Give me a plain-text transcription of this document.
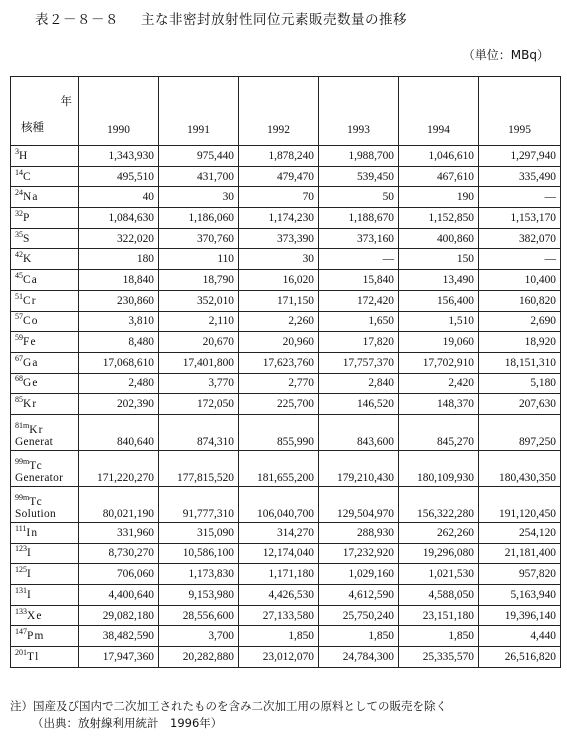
表２－８－８ 主な非密封放射性同位元素販売数量の推移
（単位：MBq）
年
核種	1990	1991	1992	1993	1994	1995
$^3$H	1,343,930	975,440	1,878,240	1,988,700	1,046,610	1,297,940
$^{14}$C	495,510	431,700	479,470	539,450	467,610	335,490
$^{24}$Na	40	30	70	50	190	—
$^{32}$P	1,084,630	1,186,060	1,174,230	1,188,670	1,152,850	1,153,170
$^{35}$S	322,020	370,760	373,390	373,160	400,860	382,070
$^{42}$K	180	110	30	—	150	—
$^{45}$Ca	18,840	18,790	16,020	15,840	13,490	10,400
$^{51}$Cr	230,860	352,010	171,150	172,420	156,400	160,820
$^{57}$Co	3,810	2,110	2,260	1,650	1,510	2,690
$^{59}$Fe	8,480	20,670	20,960	17,820	19,060	18,920
$^{67}$Ga	17,068,610	17,401,800	17,623,760	17,757,370	17,702,910	18,151,310
$^{68}$Ge	2,480	3,770	2,770	2,840	2,420	5,180
$^{85}$Kr	202,390	172,050	225,700	146,520	148,370	207,630
$^{81m}$Kr
Generat	840,640	874,310	855,990	843,600	845,270	897,250
$^{99m}$Tc
Generator	171,220,270	177,815,520	181,655,200	179,210,430	180,109,930	180,430,350
$^{99m}$Tc
Solution	80,021,190	91,777,310	106,040,700	129,504,970	156,322,280	191,120,450
$^{111}$In	331,960	315,090	314,270	288,930	262,260	254,120
$^{123}$I	8,730,270	10,586,100	12,174,040	17,232,920	19,296,080	21,181,400
$^{125}$I	706,060	1,173,830	1,171,180	1,029,160	1,021,530	957,820
$^{131}$I	4,400,640	9,153,980	4,426,530	4,612,590	4,588,050	5,163,940
$^{133}$Xe	29,082,180	28,556,600	27,133,580	25,750,240	23,151,180	19,396,140
$^{147}$Pm	38,482,590	3,700	1,850	1,850	1,850	4,440
$^{201}$Tl	17,947,360	20,282,880	23,012,070	24,784,300	25,335,570	26,516,820
注）国産及び国内で二次加工されたものを含み二次加工用の原料としての販売を除く
（出典：放射線利用統計　1996年）
